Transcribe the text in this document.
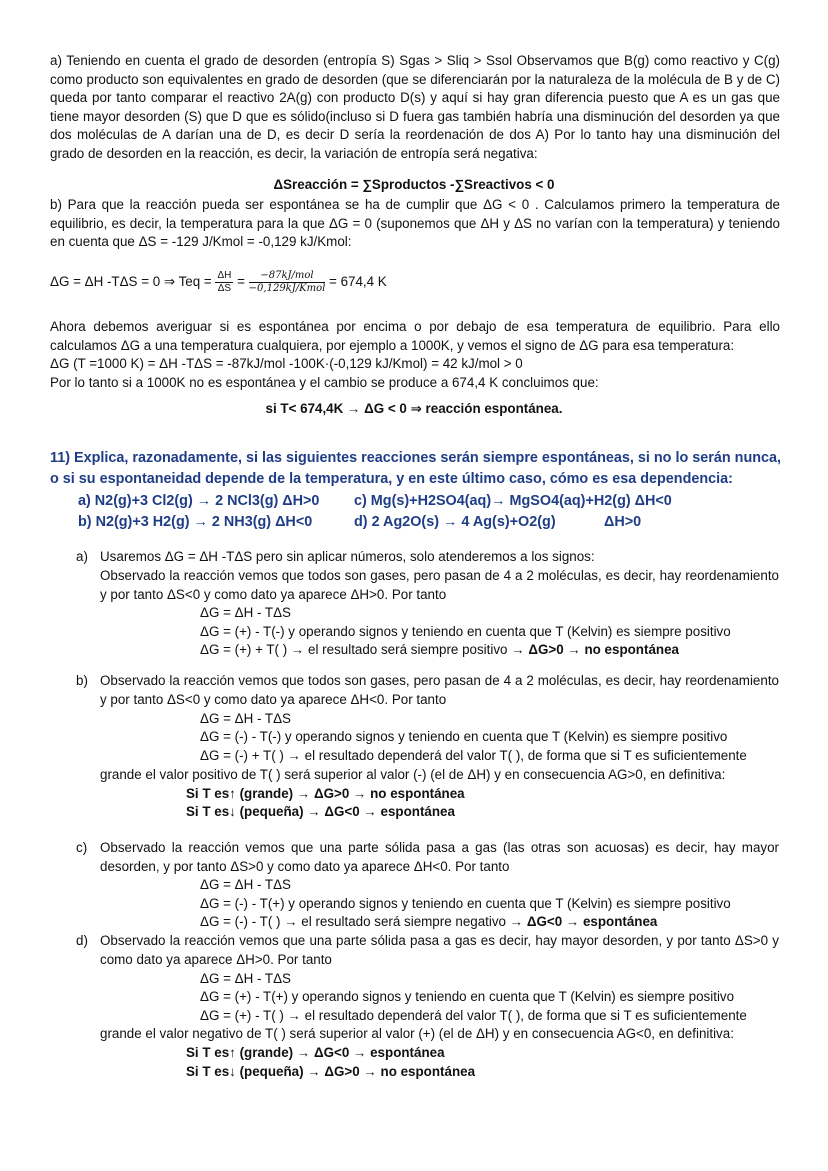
a) Teniendo en cuenta el grado de desorden (entropía S) Sgas > Sliq > Ssol Observamos que B(g) como reactivo y C(g) como producto son equivalentes en grado de desorden (que se diferenciarán por la naturaleza de la molécula de B y de C) queda por tanto comparar el reactivo 2A(g) con producto D(s) y aquí si hay gran diferencia puesto que A es un gas que tiene mayor desorden (S) que D que es sólido(incluso si D fuera gas también habría una disminución del desorden ya que dos moléculas de A darían una de D, es decir D sería la reordenación de dos A) Por lo tanto hay una disminución del grado de desorden en la reacción, es decir, la variación de entropía será negativa:
ΔSreacción = ∑Sproductos -∑Sreactivos < 0
b) Para que la reacción pueda ser espontánea se ha de cumplir que ΔG < 0 . Calculamos primero la temperatura de equilibrio, es decir, la temperatura para la que ΔG = 0 (suponemos que ΔH y ΔS no varían con la temperatura) y teniendo en cuenta que ΔS = -129 J/Kmol = -0,129 kJ/Kmol:
ΔG = ΔH -TΔS = 0 ⇒ Teq = $\frac{\Delta H}{\Delta S} = \frac{\text{−87kJ/mol}}{\text{−0,129kJ/Kmol}} = 674,4$ K
Ahora debemos averiguar si es espontánea por encima o por debajo de esa temperatura de equilibrio. Para ello calculamos ΔG a una temperatura cualquiera, por ejemplo a 1000K, y vemos el signo de ΔG para esa temperatura:
ΔG (T =1000 K) = ΔH -TΔS = -87kJ/mol -100K·(-0,129 kJ/Kmol) = 42 kJ/mol > 0
Por lo tanto si a 1000K no es espontánea y el cambio se produce a 674,4 K concluimos que:
si T< 674,4K → ΔG < 0 ⇒ reacción espontánea.
11) Explica, razonadamente, si las siguientes reacciones serán siempre espontáneas, si no lo serán nunca,
o si su espontaneidad depende de la temperatura, y en este último caso, cómo es esa dependencia:
a) N2(g)+3 Cl2(g) → 2 NCl3(g) ΔH>0 c) Mg(s)+H2SO4(aq)→ MgSO4(aq)+H2(g) ΔH<0
b) N2(g)+3 H2(g) → 2 NH3(g) ΔH<0	d) 2 Ag2O(s) → 4 Ag(s)+O2(g)	ΔH>0
a) Usaremos ΔG = ΔH -TΔS pero sin aplicar números, solo atenderemos a los signos:
Observado la reacción vemos que todos son gases, pero pasan de 4 a 2 moléculas, es decir, hay reordenamiento y por tanto ΔS<0 y como dato ya aparece ΔH>0. Por tanto
ΔG = ΔH - TΔS
ΔG = (+) - T(-) y operando signos y teniendo en cuenta que T (Kelvin) es siempre positivo
ΔG = (+) + T( ) → el resultado será siempre positivo → ΔG>0 → no espontánea
b) Observado la reacción vemos que todos son gases, pero pasan de 4 a 2 moléculas, es decir, hay reordenamiento y por tanto ΔS<0 y como dato ya aparece ΔH<0. Por tanto
ΔG = ΔH - TΔS
ΔG = (-) - T(-) y operando signos y teniendo en cuenta que T (Kelvin) es siempre positivo
ΔG = (-) + T( ) → el resultado dependerá del valor T( ), de forma que si T es suficientemente
grande el valor positivo de T( ) será superior al valor (-) (el de ΔH) y en consecuencia AG>0, en definitiva:
Si T es↑ (grande) → ΔG>0 → no espontánea
Si T es↓ (pequeña) → ΔG<0 → espontánea
c) Observado la reacción vemos que una parte sólida pasa a gas (las otras son acuosas) es decir, hay mayor desorden, y por tanto ΔS>0 y como dato ya aparece ΔH<0. Por tanto
ΔG = ΔH - TΔS
ΔG = (-) - T(+) y operando signos y teniendo en cuenta que T (Kelvin) es siempre positivo
ΔG = (-) - T( ) → el resultado será siempre negativo → ΔG<0 → espontánea
d) Observado la reacción vemos que una parte sólida pasa a gas es decir, hay mayor desorden, y por tanto ΔS>0 y como dato ya aparece ΔH>0. Por tanto
ΔG = ΔH - TΔS
ΔG = (+) - T(+) y operando signos y teniendo en cuenta que T (Kelvin) es siempre positivo
ΔG = (+) - T( ) → el resultado dependerá del valor T( ), de forma que si T es suficientemente
grande el valor negativo de T( ) será superior al valor (+) (el de ΔH) y en consecuencia AG<0, en definitiva:
Si T es↑ (grande) → ΔG<0 → espontánea
Si T es↓ (pequeña) → ΔG>0 → no espontánea
